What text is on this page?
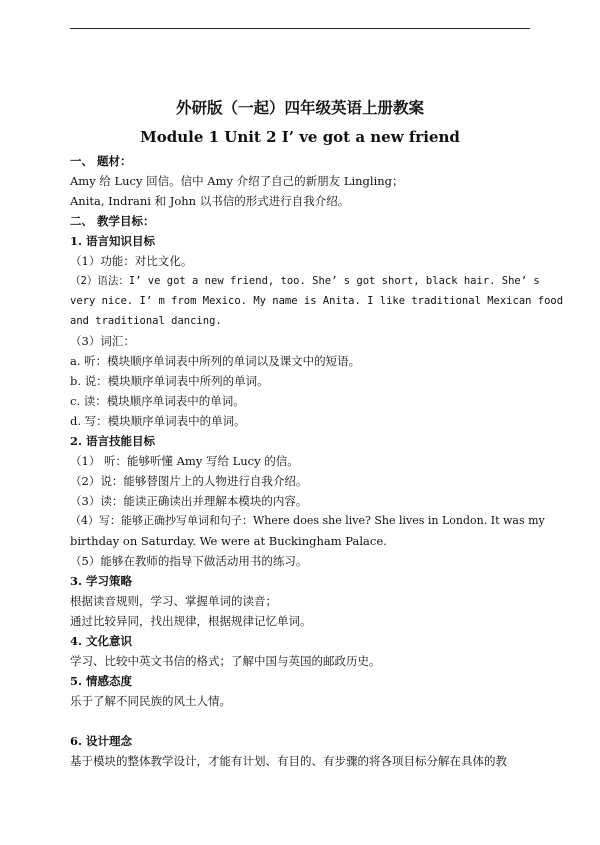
外研版（一起）四年级英语上册教案
Module 1 Unit 2 I’ ve got a new friend
一、 题材：
Amy 给 Lucy 回信。信中 Amy 介绍了自己的新朋友 Lingling；
Anita, Indrani 和 John 以书信的形式进行自我介绍。
二、 教学目标：
1. 语言知识目标
（1）功能：对比文化。
（2）语法：I’ ve got a new friend, too. She’ s got short, black hair. She’ s
very nice. I’ m from Mexico. My name is Anita. I like traditional Mexican food
and traditional dancing.
（3）词汇：
a. 听：模块顺序单词表中所列的单词以及课文中的短语。
b. 说：模块顺序单词表中所列的单词。
c. 读：模块顺序单词表中的单词。
d. 写：模块顺序单词表中的单词。
2. 语言技能目标
（1） 听：能够听懂 Amy 写给 Lucy 的信。
（2）说：能够替图片上的人物进行自我介绍。
（3）读：能读正确读出并理解本模块的内容。
（4）写：能够正确抄写单词和句子：Where does she live? She lives in London. It was my
birthday on Saturday. We were at Buckingham Palace.
（5）能够在教师的指导下做活动用书的练习。
3. 学习策略
根据读音规则，学习、掌握单词的读音；
通过比较异同，找出规律，根据规律记忆单词。
4. 文化意识
学习、比较中英文书信的格式；了解中国与英国的邮政历史。
5. 情感态度
乐于了解不同民族的风土人情。
6. 设计理念
基于模块的整体教学设计，才能有计划、有目的、有步骤的将各项目标分解在具体的教
